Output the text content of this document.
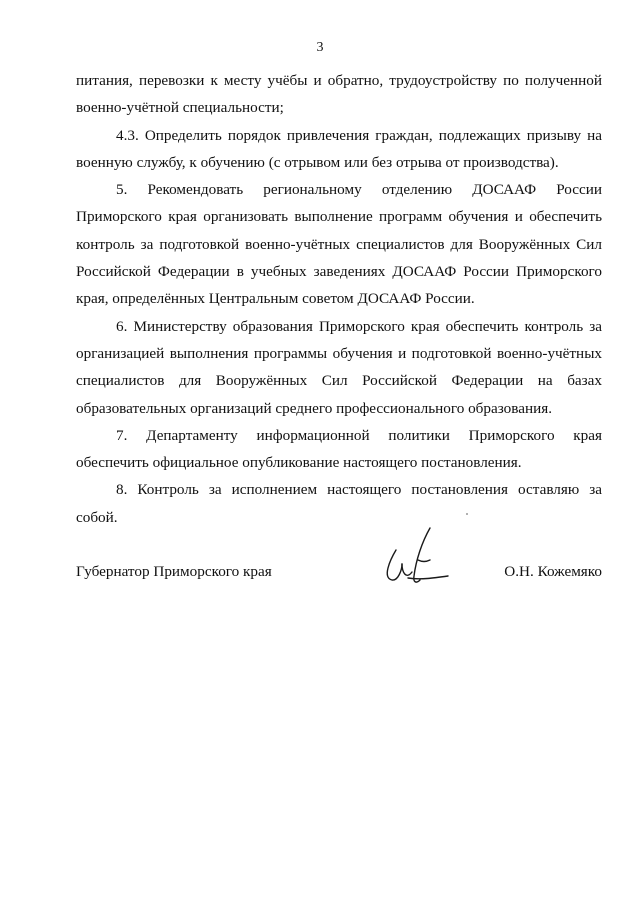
3

питания, перевозки к месту учёбы и обратно, трудоустройству по полученной военно-учётной специальности;

4.3. Определить порядок привлечения граждан, подлежащих призыву на военную службу, к обучению (с отрывом или без отрыва от производства).

5. Рекомендовать региональному отделению ДОСААФ России Приморского края организовать выполнение программ обучения и обеспечить контроль за подготовкой военно-учётных специалистов для Вооружённых Сил Российской Федерации в учебных заведениях ДОСААФ России Приморского края, определённых Центральным советом ДОСААФ России.

6. Министерству образования Приморского края обеспечить контроль за организацией выполнения программы обучения и подготовкой военно-учётных специалистов для Вооружённых Сил Российской Федерации на базах образовательных организаций среднего профессионального образования.

7. Департаменту информационной политики Приморского края обеспечить официальное опубликование настоящего постановления.

8. Контроль за исполнением настоящего постановления оставляю за собой.

Губернатор Приморского края	О.Н. Кожемяко
